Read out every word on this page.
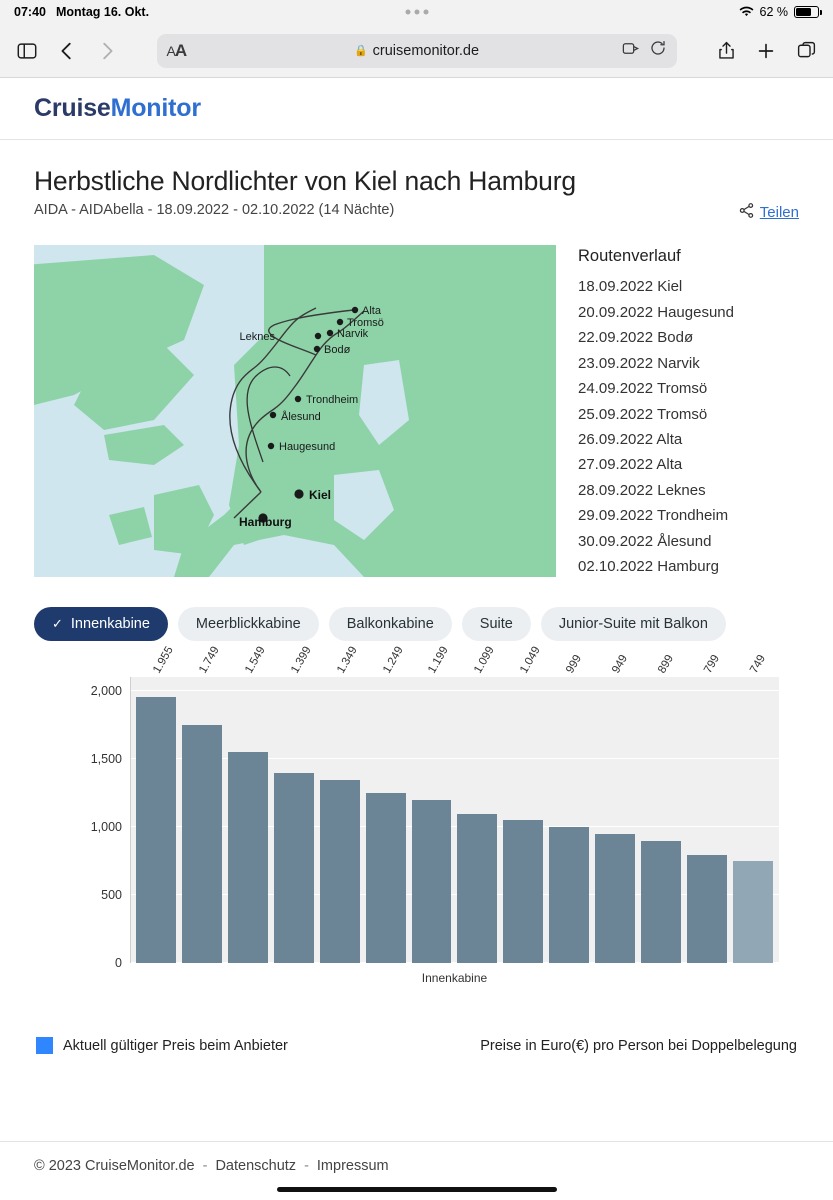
07:40 Montag 16. Okt.	62 %
AA	🔒 cruisemonitor.de
CruiseMonitor
Herbstliche Nordlichter von Kiel nach Hamburg
AIDA - AIDAbella - 18.09.2022 - 02.10.2022 (14 Nächte)	Teilen
Alta
Tromsö
Narvik
Leknes
Bodø
Trondheim
Ålesund
Haugesund
Kiel
Hamburg
Routenverlauf
18.09.2022 Kiel
20.09.2022 Haugesund
22.09.2022 Bodø
23.09.2022 Narvik
24.09.2022 Tromsö
25.09.2022 Tromsö
26.09.2022 Alta
27.09.2022 Alta
28.09.2022 Leknes
29.09.2022 Trondheim
30.09.2022 Ålesund
02.10.2022 Hamburg
✓ Innenkabine	Meerblickkabine	Balkonkabine	Suite	Junior-Suite mit Balkon
0
500
1,000
1,500
2,000
1.955 1.749 1.549 1.399 1.349 1.249 1.199 1.099 1.049 999 949 899 799 749
Innenkabine
Aktuell gültiger Preis beim Anbieter	Preise in Euro(€) pro Person bei Doppelbelegung
© 2023 CruiseMonitor.de - Datenschutz - Impressum
